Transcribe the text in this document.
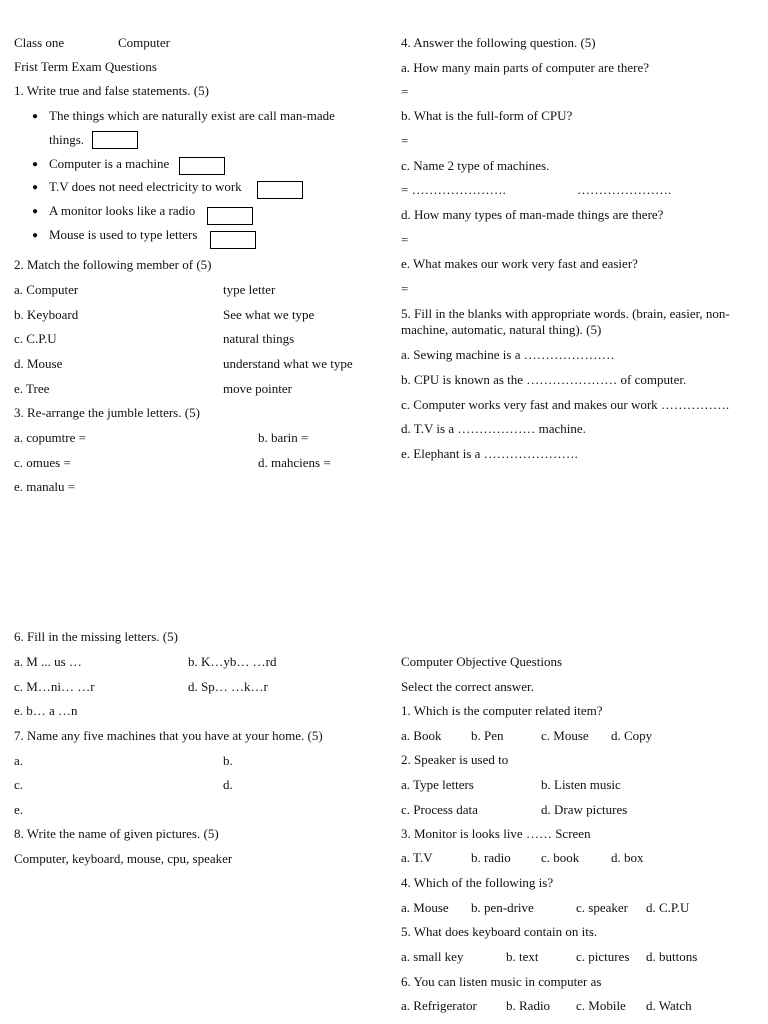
Class one	Computer
Frist Term Exam Questions
1. Write true and false statements. (5)
● The things which are naturally exist are call man-made
things.
● Computer is a machine
● T.V does not need electricity to work
● A monitor looks like a radio
● Mouse is used to type letters
2. Match the following member of (5)
a. Computer	type letter
b. Keyboard	See what we type
c. C.P.U	natural things
d. Mouse	understand what we type
e. Tree	move pointer
3. Re-arrange the jumble letters. (5)
a. copumtre =	b. barin =
c. omues =	d. mahciens =
e. manalu =
4. Answer the following question. (5)
a. How many main parts of computer are there?
=
b. What is the full-form of CPU?
=
c. Name 2 type of machines.
= ………………….	………………….
d. How many types of man-made things are there?
=
e. What makes our work very fast and easier?
=
5. Fill in the blanks with appropriate words. (brain, easier, non-
machine, automatic, natural thing). (5)
a. Sewing machine is a …………………
b. CPU is known as the ………………… of computer.
c. Computer works very fast and makes our work …………….
d. T.V is a ……………… machine.
e. Elephant is a ………………….
6. Fill in the missing letters. (5)
a. M ... us …	b. K…yb… …rd
c. M…ni… …r	d. Sp… …k…r
e. b… a …n
7. Name any five machines that you have at your home. (5)
a.	b.
c.	d.
e.
8. Write the name of given pictures. (5)
Computer, keyboard, mouse, cpu, speaker
Computer Objective Questions
Select the correct answer.
1. Which is the computer related item?
a. Book b. Pen	c. Mouse d. Copy
2. Speaker is used to
a. Type letters	b. Listen music
c. Process data	d. Draw pictures
3. Monitor is looks live …… Screen
a. T.V	b. radio c. book d. box
4. Which of the following is?
a. Mouse b. pen-drive	c. speaker d. C.P.U
5. What does keyboard contain on its.
a. small key	b. text	c. pictures d. buttons
6. You can listen music in computer as
a. Refrigerator b. Radio c. Mobile d. Watch
